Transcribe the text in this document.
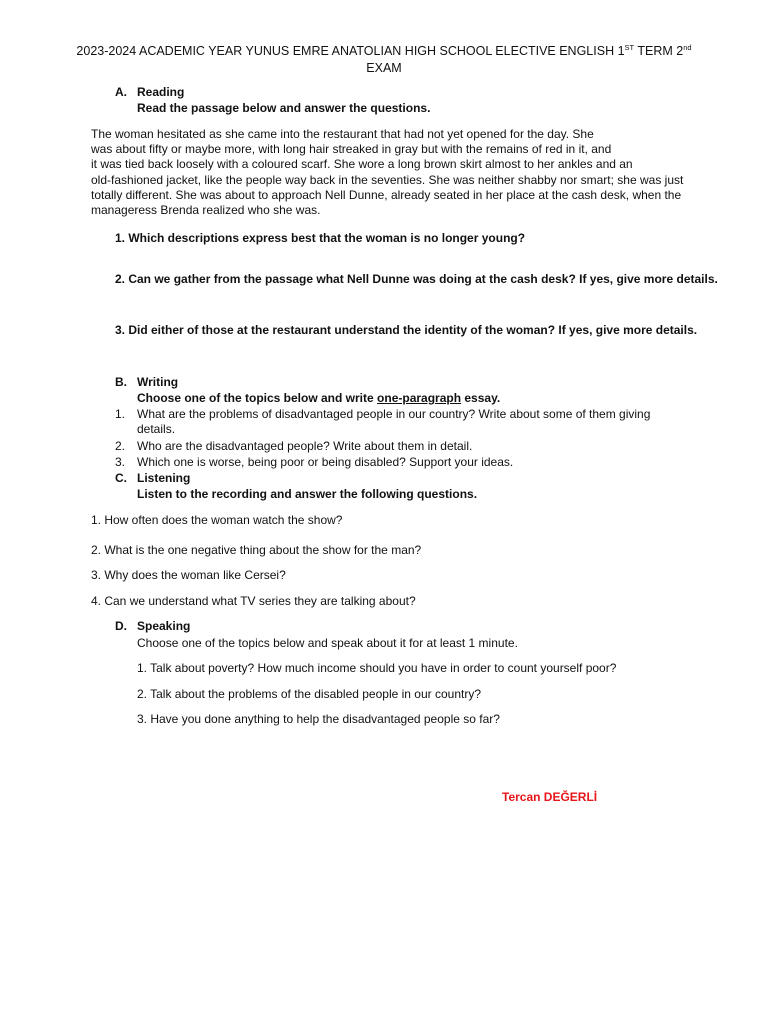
2023-2024 ACADEMIC YEAR YUNUS EMRE ANATOLIAN HIGH SCHOOL ELECTIVE ENGLISH 1ST TERM 2nd
EXAM
A. Reading
Read the passage below and answer the questions.
The woman hesitated as she came into the restaurant that had not yet opened for the day. She
was about fifty or maybe more, with long hair streaked in gray but with the remains of red in it, and
it was tied back loosely with a coloured scarf. She wore a long brown skirt almost to her ankles and an
old-fashioned jacket, like the people way back in the seventies. She was neither shabby nor smart; she was just
totally different. She was about to approach Nell Dunne, already seated in her place at the cash desk, when the
manageress Brenda realized who she was.
1. Which descriptions express best that the woman is no longer young?
2. Can we gather from the passage what Nell Dunne was doing at the cash desk? If yes, give more details.
3. Did either of those at the restaurant understand the identity of the woman? If yes, give more details.
B. Writing
Choose one of the topics below and write one-paragraph essay.
1. What are the problems of disadvantaged people in our country? Write about some of them giving
details.
2. Who are the disadvantaged people? Write about them in detail.
3. Which one is worse, being poor or being disabled? Support your ideas.
C. Listening
Listen to the recording and answer the following questions.
1. How often does the woman watch the show?
2. What is the one negative thing about the show for the man?
3. Why does the woman like Cersei?
4. Can we understand what TV series they are talking about?
D. Speaking
Choose one of the topics below and speak about it for at least 1 minute.
1. Talk about poverty? How much income should you have in order to count yourself poor?
2. Talk about the problems of the disabled people in our country?
3. Have you done anything to help the disadvantaged people so far?
Tercan DEĞERLİ
